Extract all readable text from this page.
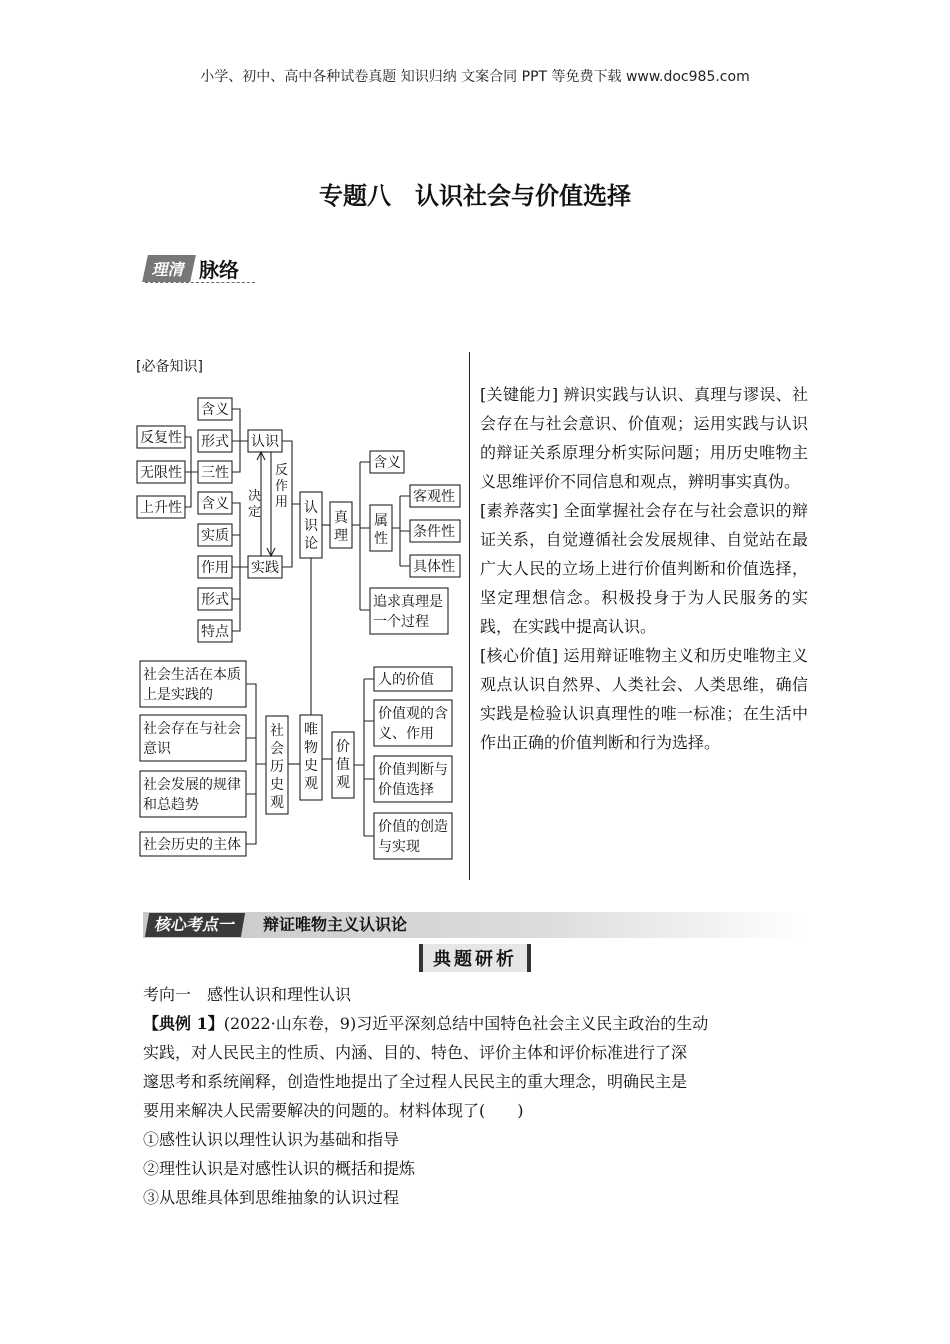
小学、初中、高中各种试卷真题 知识归纳 文案合同 PPT 等免费下载 www.doc985.com
专题八　认识社会与价值选择
理清 脉络
[必备知识]
反复性
无限性
上升性
含义
形式
三性
含义
实质
作用
形式
特点
认识
实践
决
定
反
作
用 认
识
论
真
理
含义
属
性
客观性
条件性
具体性
追求真理是
一个过程
社会生活在本质
上是实践的
社会存在与社会
意识
社会发展的规律
和总趋势
社会历史的主体
社
会
历
史
观
唯
物
史
观
价
值
观
人的价值
价值观的含
义、作用
价值判断与
价值选择
价值的创造
与实现
[关键能力] 辨识实践与认识、真理与谬误、社会存在与社会意识、价值观；运用实践与认识的辩证关系原理分析实际问题；用历史唯物主义思维评价不同信息和观点，辨明事实真伪。
[素养落实] 全面掌握社会存在与社会意识的辩证关系，自觉遵循社会发展规律、自觉站在最广大人民的立场上进行价值判断和价值选择，坚定理想信念。积极投身于为人民服务的实践，在实践中提高认识。
[核心价值] 运用辩证唯物主义和历史唯物主义观点认识自然界、人类社会、人类思维，确信实践是检验认识真理性的唯一标准；在生活中作出正确的价值判断和行为选择。
核心考点一	辩证唯物主义认识论
典题研析
考向一　感性认识和理性认识
【典例 1】(2022·山东卷，9)习近平深刻总结中国特色社会主义民主政治的生动
实践，对人民民主的性质、内涵、目的、特色、评价主体和评价标准进行了深
邃思考和系统阐释，创造性地提出了全过程人民民主的重大理念，明确民主是
要用来解决人民需要解决的问题的。材料体现了(　　)
①感性认识以理性认识为基础和指导
②理性认识是对感性认识的概括和提炼
③从思维具体到思维抽象的认识过程
